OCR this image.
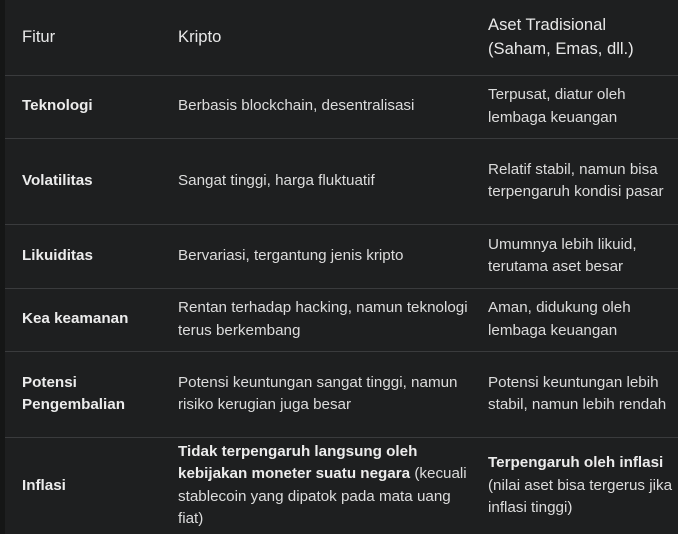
Fitur	Kripto	Aset Tradisional
(Saham, Emas, dll.)
Teknologi	Berbasis blockchain, desentralisasi	Terpusat, diatur oleh lembaga keuangan
Volatilitas	Sangat tinggi, harga fluktuatif	Relatif stabil, namun bisa terpengaruh kondisi pasar
Likuiditas	Bervariasi, tergantung jenis kripto	Umumnya lebih likuid, terutama aset besar
Kea keamanan	Rentan terhadap hacking, namun teknologi terus berkembang	Aman, didukung oleh lembaga keuangan
Potensi Pengembalian	Potensi keuntungan sangat tinggi, namun risiko kerugian juga besar	Potensi keuntungan lebih stabil, namun lebih rendah
Inflasi	Tidak terpengaruh langsung oleh kebijakan moneter suatu negara (kecuali stablecoin yang dipatok pada mata uang fiat)	Terpengaruh oleh inflasi (nilai aset bisa tergerus jika inflasi tinggi)
